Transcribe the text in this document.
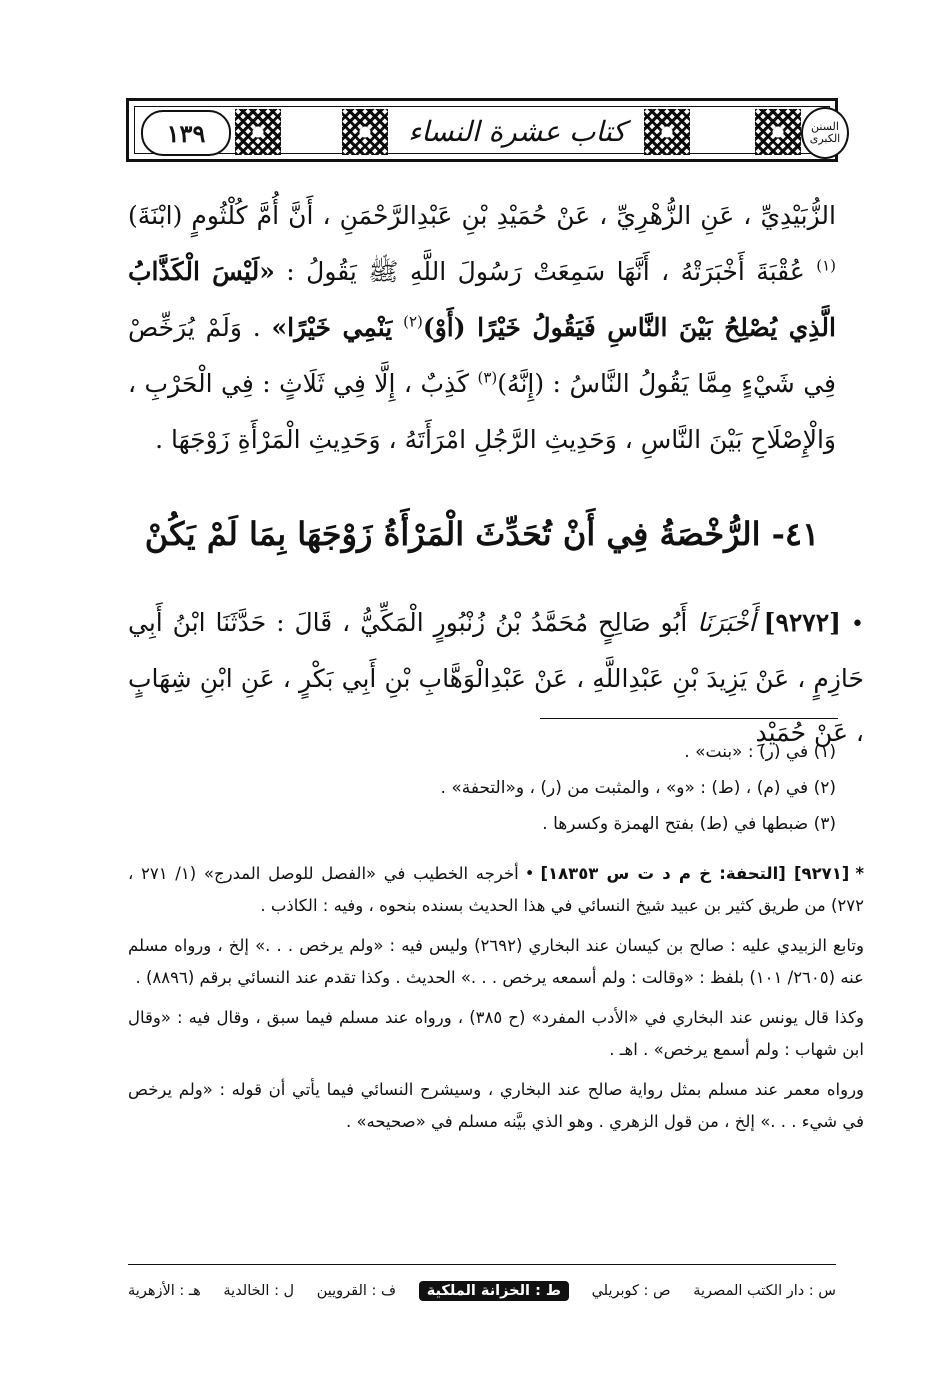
١٣٩	كتاب عشرة النساء	السنن الكبرى

الزُّبَيْدِيِّ ، عَنِ الزُّهْرِيِّ ، عَنْ حُمَيْدِ بْنِ عَبْدِالرَّحْمَنِ ، أَنَّ أُمَّ كُلْثُومٍ (ابْنَةَ)$^{(١)}$ عُقْبَةَ أَخْبَرَتْهُ ، أَنَّهَا سَمِعَتْ رَسُولَ اللَّهِ ﷺ يَقُولُ : «لَيْسَ الْكَذَّابُ الَّذِي يُصْلِحُ بَيْنَ النَّاسِ فَيَقُولُ خَيْرًا (أَوْ)$^{(٢)}$ يَنْمِي خَيْرًا» . وَلَمْ يُرَخِّصْ فِي شَيْءٍ مِمَّا يَقُولُ النَّاسُ : (إِنَّهُ)$^{(٣)}$ كَذِبٌ ، إِلَّا فِي ثَلَاثٍ : فِي الْحَرْبِ ، وَالْإِصْلَاحِ بَيْنَ النَّاسِ ، وَحَدِيثِ الرَّجُلِ امْرَأَتَهُ ، وَحَدِيثِ الْمَرْأَةِ زَوْجَهَا .

٤١- الرُّخْصَةُ فِي أَنْ تُحَدِّثَ الْمَرْأَةُ زَوْجَهَا بِمَا لَمْ يَكُنْ
•[٩٢٧٢]أَخْبَرَنَا أَبُو صَالِحٍ مُحَمَّدُ بْنُ زُنْبُورٍ الْمَكِّيُّ ، قَالَ : حَدَّثَنَا ابْنُ أَبِي حَازِمٍ ، عَنْ يَزِيدَ بْنِ عَبْدِاللَّهِ ، عَنْ عَبْدِالْوَهَّابِ بْنِ أَبِي بَكْرٍ ، عَنِ ابْنِ شِهَابٍ ، عَنْ حُمَيْدِ

(١) في (ر) : «بنت» .

(٢) في (م) ، (ط) : «و» ، والمثبت من (ر) ، و«التحفة» .

(٣) ضبطها في (ط) بفتح الهمزة وكسرها .

*[٩٢٧١] [التحفة: خ م د ت س ١٨٣٥٣]•أخرجه الخطيب في «الفصل للوصل المدرج» (١/ ٢٧١ ، ٢٧٢) من طريق كثير بن عبيد شيخ النسائي في هذا الحديث بسنده بنحوه ، وفيه : الكاذب .

وتابع الزبيدي عليه : صالح بن كيسان عند البخاري (٢٦٩٢) وليس فيه : «ولم يرخص . . .» إلخ ، ورواه مسلم عنه (٢٦٠٥/ ١٠١) بلفظ : «وقالت : ولم أسمعه يرخص . . .» الحديث . وكذا تقدم عند النسائي برقم (٨٨٩٦) .

وكذا قال يونس عند البخاري في «الأدب المفرد» (ح ٣٨٥) ، ورواه عند مسلم فيما سبق ، وقال فيه : «وقال ابن شهاب : ولم أسمع يرخص» . اهـ .

ورواه معمر عند مسلم بمثل رواية صالح عند البخاري ، وسيشرح النسائي فيما يأتي أن قوله : «ولم يرخص في شيء . . .» إلخ ، من قول الزهري . وهو الذي بيَّنه مسلم في «صحيحه» .

س : دار الكتب المصرية
ص : كوبريلي
ط : الخزانة الملكية
ف : القرويين
ل : الخالدية
هـ : الأزهرية
